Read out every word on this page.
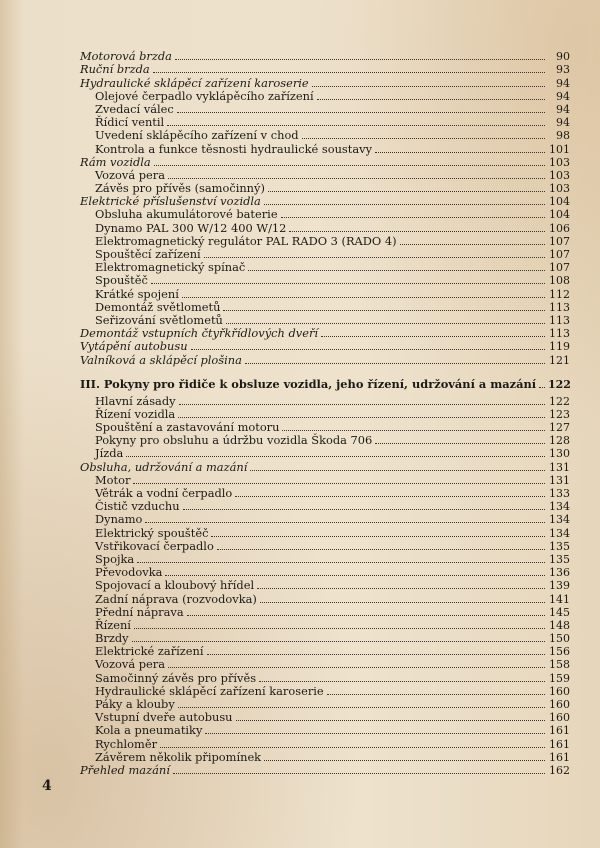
Motorová brzda	90
Ruční brzda	93
Hydraulické sklápěcí zařízení karoserie	94
Olejové čerpadlo vyklápěcího zařízení	94
Zvedací válec	94
Řídicí ventil	94
Uvedení sklápěcího zařízení v chod	98
Kontrola a funkce těsnosti hydraulické soustavy	101
Rám vozidla	103
Vozová pera	103
Závěs pro přívěs (samočinný)	103
Elektrické příslušenství vozidla	104
Obsluha akumulátorové baterie	104
Dynamo PAL 300 W/12 400 W/12	106
Elektromagnetický regulátor PAL RADO 3 (RADO 4)	107
Spouštěcí zařízení	107
Elektromagnetický spínač	107
Spouštěč	108
Krátké spojení	112
Demontáž světlometů	113
Seřizování světlometů	113
Demontáž vstupních čtyřkřídlových dveří	113
Vytápění autobusu	119
Valníková a sklápěcí plošina	121
III. Pokyny pro řidiče k obsluze vozidla, jeho řízení, udržování a mazání 122
Hlavní zásady	122
Řízení vozidla	123
Spouštění a zastavování motoru	127
Pokyny pro obsluhu a údržbu vozidla Škoda 706	128
Jízda	130
Obsluha, udržování a mazání	131
Motor	131
Větrák a vodní čerpadlo	133
Čistič vzduchu	134
Dynamo	134
Elektrický spouštěč	134
Vstřikovací čerpadlo	135
Spojka	135
Převodovka	136
Spojovací a kloubový hřídel	139
Zadní náprava (rozvodovka)	141
Přední náprava	145
Řízení	148
Brzdy	150
Elektrické zařízení	156
Vozová pera	158
Samočinný závěs pro přívěs	159
Hydraulické sklápěcí zařízení karoserie	160
Páky a klouby	160
Vstupní dveře autobusu	160
Kola a pneumatiky	161
Rychloměr	161
Závěrem několik připomínek	161
Přehled mazání	162
4
